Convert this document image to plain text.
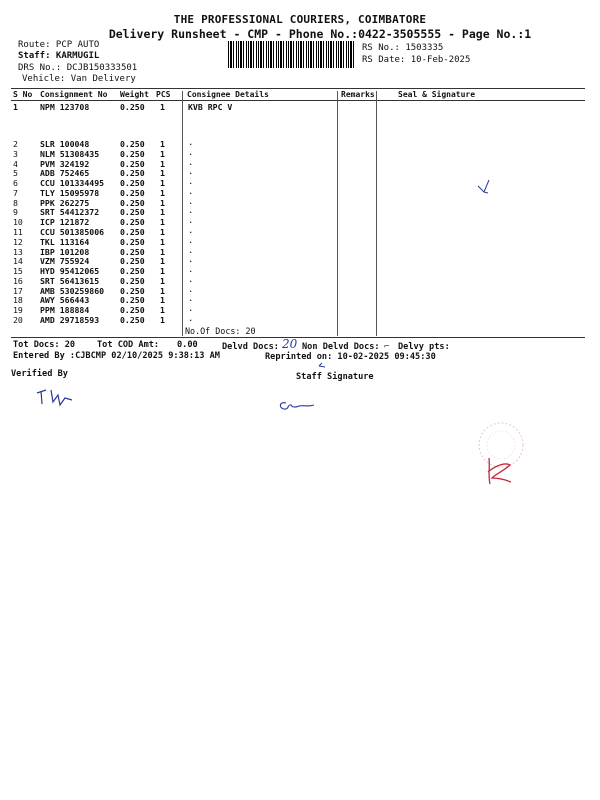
THE PROFESSIONAL COURIERS, COIMBATORE
Delivery Runsheet - CMP - Phone No.:0422-3505555 - Page No.:1
Route: PCP AUTO
Staff: KARMUGIL
DRS No.: DCJB150333501
Vehicle: Van Delivery
RS No.: 1503335
RS Date: 10-Feb-2025
S No Consignment No Weight PCS Consignee Details	Remarks	Seal & Signature
1	NPM 123708	0.250 1	KVB RPC V
2	SLR 100048	0.250 1	.
3	NLM 51308435	0.250 1	.
4	PVM 324192	0.250 1	.
5	ADB 752465	0.250 1	.
6	CCU 101334495 0.250 1	.
7	TLY 15095978	0.250 1	.
8	PPK 262275	0.250 1	.
9	SRT 54412372	0.250 1	.
10 ICP 121872	0.250 1	.
11 CCU 501385006 0.250 1	.
12 TKL 113164	0.250 1	.
13 IBP 101208	0.250 1	.
14 VZM 755924	0.250 1	.
15 HYD 95412065	0.250 1	.
16 SRT 56413615	0.250 1	.
17 AMB 530259860 0.250 1	.
18 AWY 566443	0.250 1	.
19 PPM 188884	0.250 1	.
20 AMD 29718593	0.250 1	.
No.Of Docs: 20
Tot Docs: 20	Tot COD Amt: 0.00	Delvd Docs: 20 Non Delvd Docs: ⌐ Delvy pts:
Entered By :CJBCMP 02/10/2025 9:38:13 AM	Reprinted on: 10-02-2025 09:45:30
Verified By	Staff Signature
